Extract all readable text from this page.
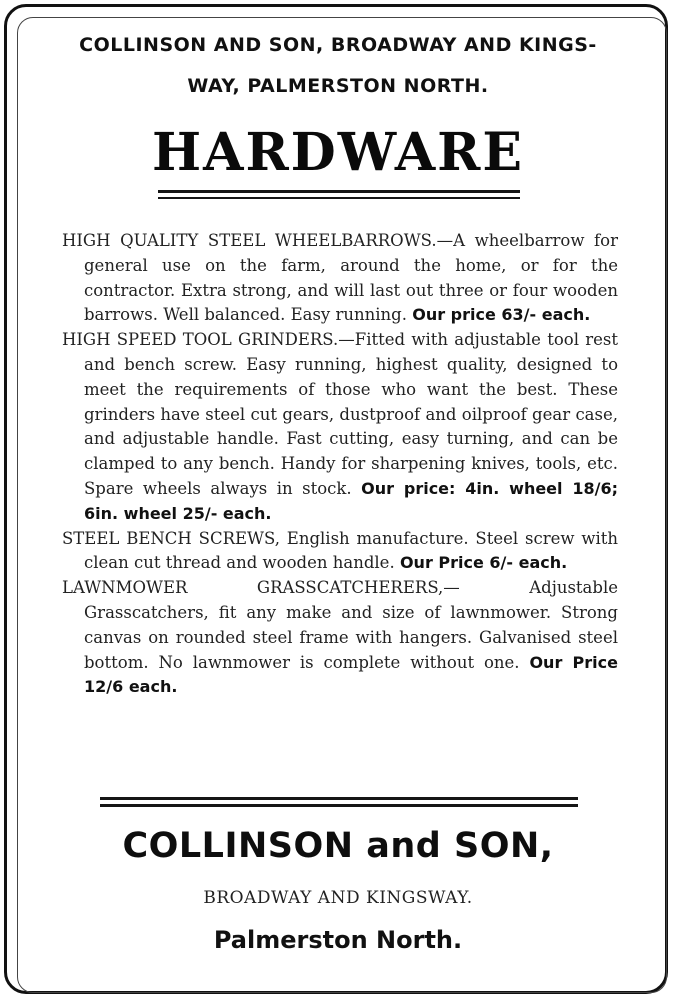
COLLINSON AND SON, BROADWAY AND KINGS-
WAY, PALMERSTON NORTH.
HARDWARE
HIGH QUALITY STEEL WHEELBARROWS.—A wheelbarrow for general use on the farm, around the home, or for the contractor. Extra strong, and will last out three or four wooden barrows. Well balanced. Easy running. Our price 63/- each.
HIGH SPEED TOOL GRINDERS.—Fitted with adjustable tool rest and bench screw. Easy running, highest quality, designed to meet the requirements of those who want the best. These grinders have steel cut gears, dustproof and oilproof gear case, and adjustable handle. Fast cutting, easy turning, and can be clamped to any bench. Handy for sharpening knives, tools, etc. Spare wheels always in stock. Our price: 4in. wheel 18/6; 6in. wheel 25/- each.
STEEL BENCH SCREWS, English manufacture. Steel screw with clean cut thread and wooden handle. Our Price 6/- each.
LAWNMOWER GRASSCATCHERERS,— Adjustable Grasscatchers, fit any make and size of lawnmower. Strong canvas on rounded steel frame with hangers. Galvanised steel bottom. No lawnmower is complete without one. Our Price 12/6 each.
COLLINSON and SON,
BROADWAY AND KINGSWAY.
Palmerston North.
